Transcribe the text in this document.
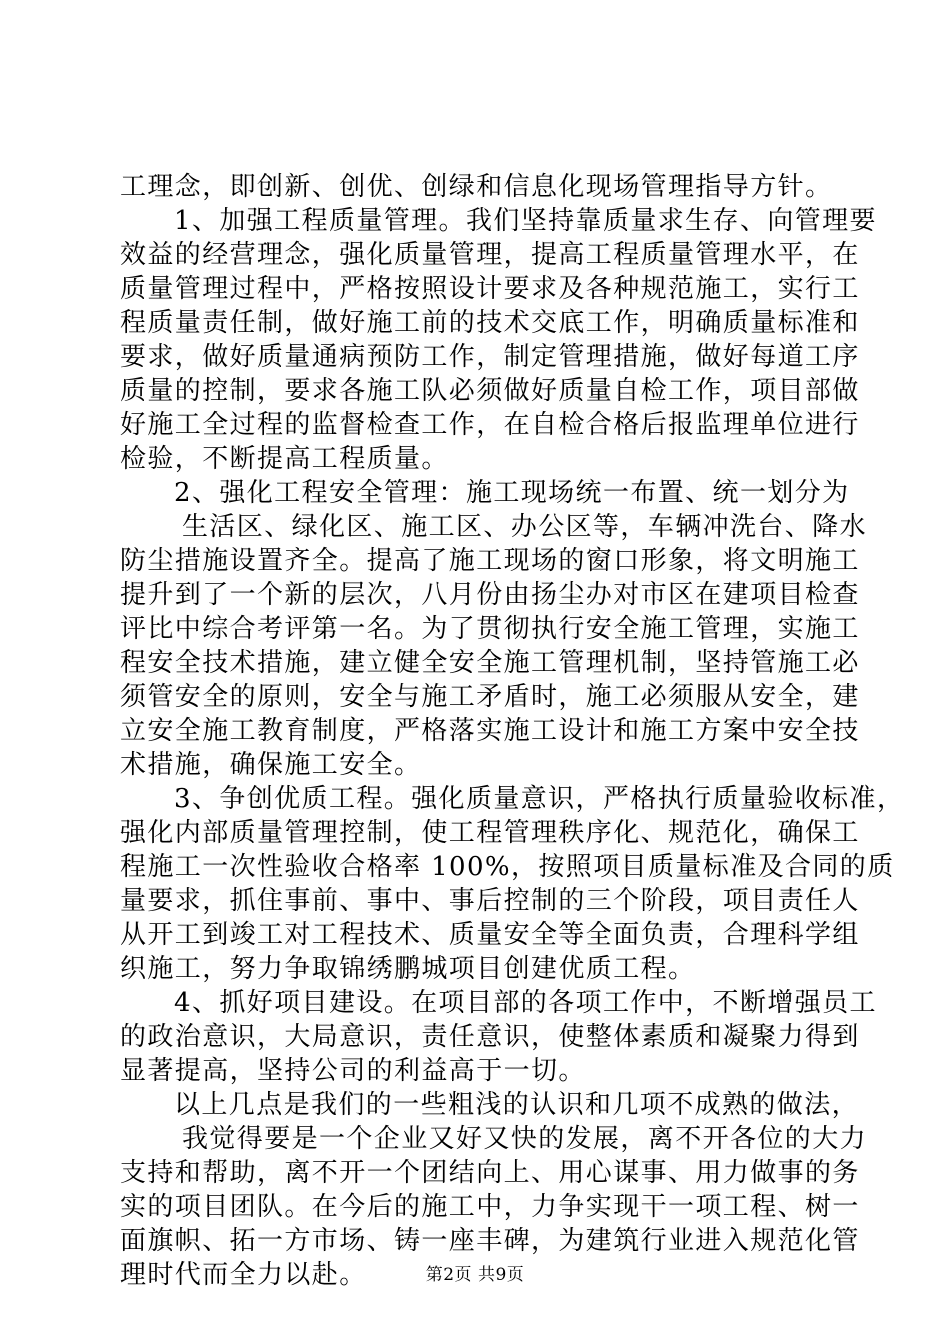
工理念，即创新、创优、创绿和信息化现场管理指导方针。
1、加强工程质量管理。我们坚持靠质量求生存、向管理要
效益的经营理念，强化质量管理，提高工程质量管理水平，在
质量管理过程中，严格按照设计要求及各种规范施工，实行工
程质量责任制，做好施工前的技术交底工作，明确质量标准和
要求，做好质量通病预防工作，制定管理措施，做好每道工序
质量的控制，要求各施工队必须做好质量自检工作，项目部做
好施工全过程的监督检查工作，在自检合格后报监理单位进行
检验，不断提高工程质量。
2、强化工程安全管理：施工现场统一布置、统一划分为
生活区、绿化区、施工区、办公区等，车辆冲洗台、降水
防尘措施设置齐全。提高了施工现场的窗口形象，将文明施工
提升到了一个新的层次，八月份由扬尘办对市区在建项目检查
评比中综合考评第一名。为了贯彻执行安全施工管理，实施工
程安全技术措施，建立健全安全施工管理机制，坚持管施工必
须管安全的原则，安全与施工矛盾时，施工必须服从安全，建
立安全施工教育制度，严格落实施工设计和施工方案中安全技
术措施，确保施工安全。
3、争创优质工程。强化质量意识，严格执行质量验收标准，
强化内部质量管理控制，使工程管理秩序化、规范化，确保工
程施工一次性验收合格率 100%，按照项目质量标准及合同的质
量要求，抓住事前、事中、事后控制的三个阶段，项目责任人
从开工到竣工对工程技术、质量安全等全面负责，合理科学组
织施工，努力争取锦绣鹏城项目创建优质工程。
4、抓好项目建设。在项目部的各项工作中，不断增强员工
的政治意识，大局意识，责任意识，使整体素质和凝聚力得到
显著提高，坚持公司的利益高于一切。
以上几点是我们的一些粗浅的认识和几项不成熟的做法，
我觉得要是一个企业又好又快的发展，离不开各位的大力
支持和帮助，离不开一个团结向上、用心谋事、用力做事的务
实的项目团队。在今后的施工中，力争实现干一项工程、树一
面旗帜、拓一方市场、铸一座丰碑，为建筑行业进入规范化管
理时代而全力以赴。	第2页 共9页
